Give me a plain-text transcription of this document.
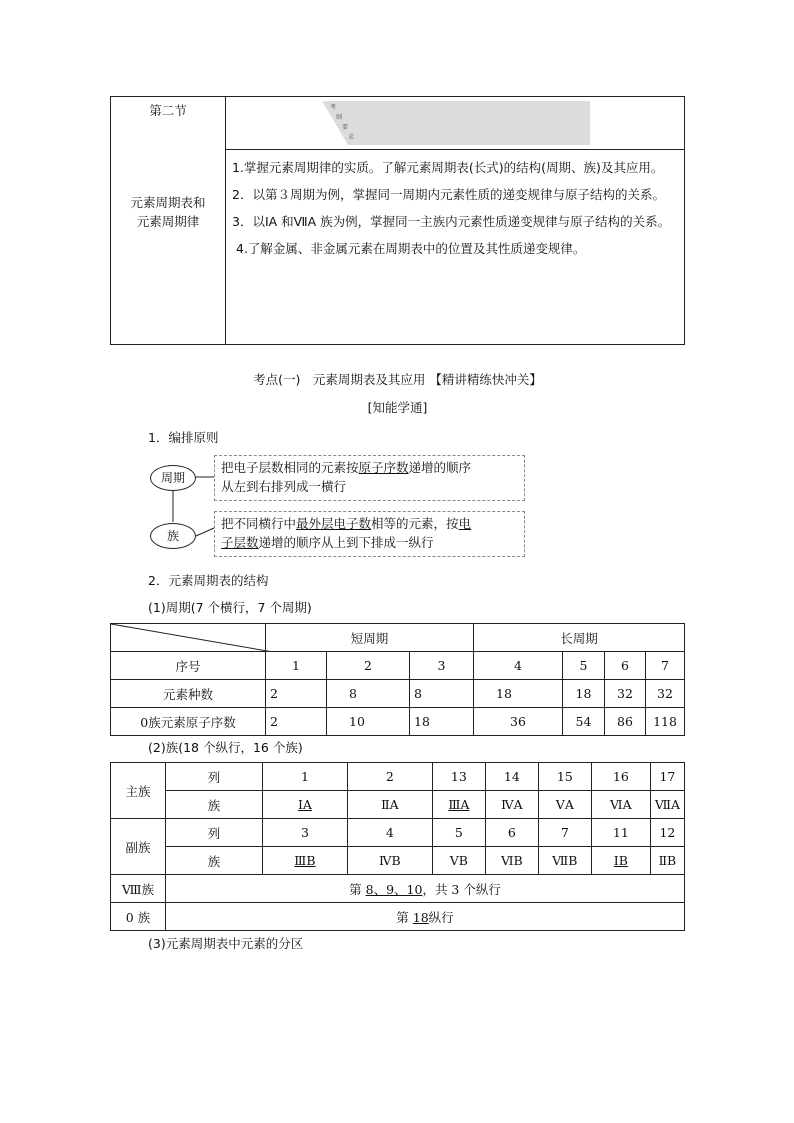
第二节
元素周期表和
元素周期律

考
纲
要
求

1.掌握元素周期律的实质。了解元素周期表(长式)的结构(周期、族)及其应用。

2．以第３周期为例，掌握同一周期内元素性质的递变规律与原子结构的关系。

3．以ⅠA 和ⅦA 族为例，掌握同一主族内元素性质递变规律与原子结构的关系。

4.了解金属、非金属元素在周期表中的位置及其性质递变规律。

考点(一)　元素周期表及其应用 【精讲精练快冲关】
[知能学通]
1．编排原则
周期
族
把电子层数相同的元素按原子序数递增的顺序
从左到右排列成一横行
把不同横行中最外层电子数相等的元素，按电
子层数递增的顺序从上到下排成一纵行
2．元素周期表的结构
(1)周期(7 个横行，7 个周期)
	短周期			长周期			
序号	1	2	3	4	5	6	7
元素种数	2	8	8	18	18	32	32
0族元素原子序数	2	10	18	36	54	86	118
(2)族(18 个纵行，16 个族)
主族	列	1	2	13	14	15	16	17
	族	ⅠA	ⅡA	ⅢA	ⅣA	ⅤA	ⅥA	ⅦA
副族	列	3	4	5	6	7	11	12
	族	ⅢB	ⅣB	ⅤB	ⅥB	ⅦB	ⅠB	ⅡB
Ⅷ族	第 8、9、10，共 3 个纵行							
0 族	第 18纵行							
(3)元素周期表中元素的分区
